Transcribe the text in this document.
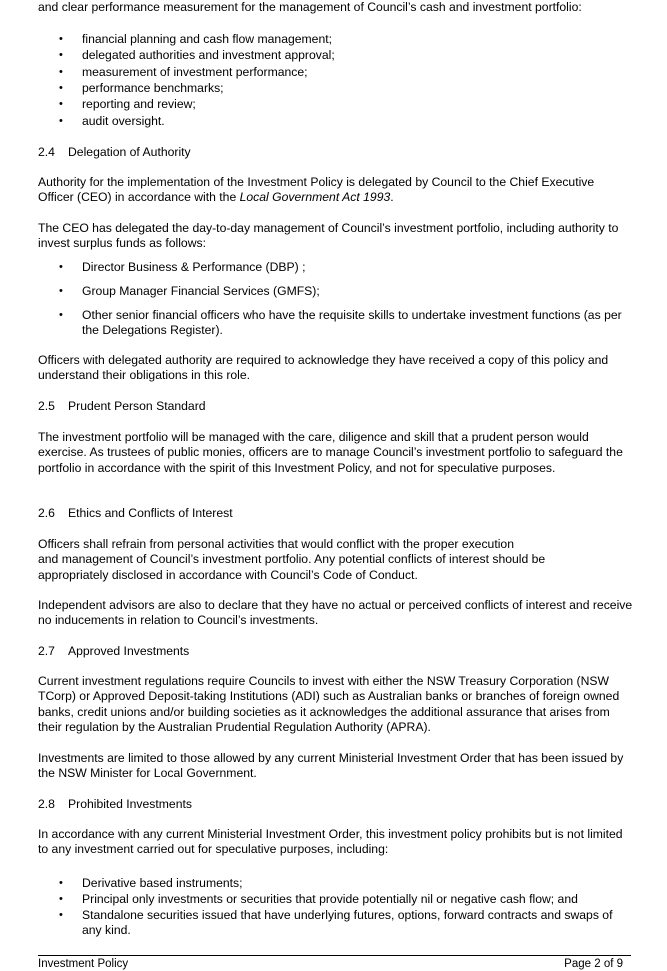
and clear performance measurement for the management of Council’s cash and investment portfolio:

• financial planning and cash flow management;

• delegated authorities and investment approval;

• measurement of investment performance;

• performance benchmarks;

• reporting and review;

• audit oversight.

2.4 Delegation of Authority

Authority for the implementation of the Investment Policy is delegated by Council to the Chief Executive Officer (CEO) in accordance with the Local Government Act 1993.

The CEO has delegated the day-to-day management of Council’s investment portfolio, including authority to invest surplus funds as follows:

• Director Business & Performance (DBP) ;

• Group Manager Financial Services (GMFS);

• Other senior financial officers who have the requisite skills to undertake investment functions (as per the Delegations Register).

Officers with delegated authority are required to acknowledge they have received a copy of this policy and understand their obligations in this role.

2.5 Prudent Person Standard

The investment portfolio will be managed with the care, diligence and skill that a prudent person would exercise. As trustees of public monies, officers are to manage Council’s investment portfolio to safeguard the portfolio in accordance with the spirit of this Investment Policy, and not for speculative purposes.

2.6 Ethics and Conflicts of Interest

Officers shall refrain from personal activities that would conflict with the proper execution
and management of Council’s investment portfolio. Any potential conflicts of interest should be
appropriately disclosed in accordance with Council’s Code of Conduct.

Independent advisors are also to declare that they have no actual or perceived conflicts of interest and receive no inducements in relation to Council’s investments.

2.7 Approved Investments

Current investment regulations require Councils to invest with either the NSW Treasury Corporation (NSW TCorp) or Approved Deposit-taking Institutions (ADI) such as Australian banks or branches of foreign owned banks, credit unions and/or building societies as it acknowledges the additional assurance that arises from their regulation by the Australian Prudential Regulation Authority (APRA).

Investments are limited to those allowed by any current Ministerial Investment Order that has been issued by the NSW Minister for Local Government.

2.8 Prohibited Investments

In accordance with any current Ministerial Investment Order, this investment policy prohibits but is not limited to any investment carried out for speculative purposes, including:

• Derivative based instruments;

• Principal only investments or securities that provide potentially nil or negative cash flow; and

• Standalone securities issued that have underlying futures, options, forward contracts and swaps of any kind.

Investment Policy	Page 2 of 9
